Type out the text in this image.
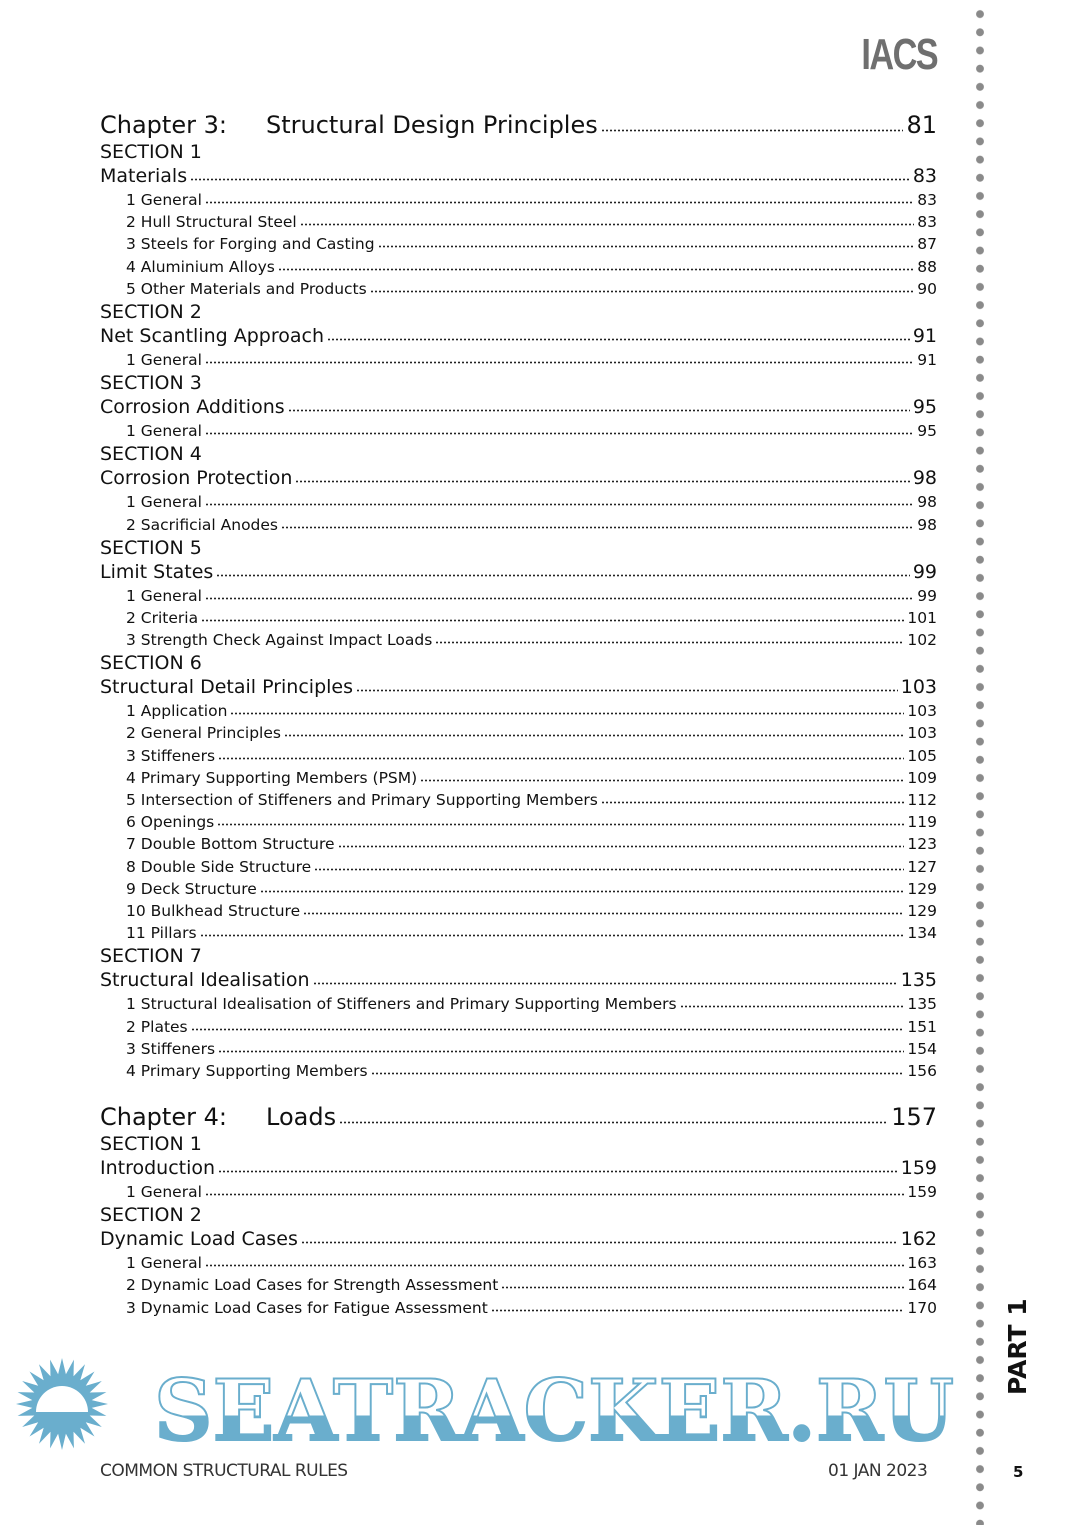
IACS
Chapter 3:	Structural Design Principles	81
SECTION 1
Materials	83
1 General	83
2 Hull Structural Steel	83
3 Steels for Forging and Casting	87
4 Aluminium Alloys	88
5 Other Materials and Products	90
SECTION 2
Net Scantling Approach	91
1 General	91
SECTION 3
Corrosion Additions	95
1 General	95
SECTION 4
Corrosion Protection	98
1 General	98
2 Sacrificial Anodes	98
SECTION 5
Limit States	99
1 General	99
2 Criteria	101
3 Strength Check Against Impact Loads	102
SECTION 6
Structural Detail Principles	103
1 Application	103
2 General Principles	103
3 Stiffeners	105
4 Primary Supporting Members (PSM)	109
5 Intersection of Stiffeners and Primary Supporting Members	112
6 Openings	119
7 Double Bottom Structure	123
8 Double Side Structure	127
9 Deck Structure	129
10 Bulkhead Structure	129
11 Pillars	134
SECTION 7
Structural Idealisation	135
1 Structural Idealisation of Stiffeners and Primary Supporting Members	135
2 Plates	151
3 Stiffeners	154
4 Primary Supporting Members	156
Chapter 4:	Loads	157
SECTION 1
Introduction	159
1 General	159
SECTION 2
Dynamic Load Cases	162
1 General	163
2 Dynamic Load Cases for Strength Assessment	164
3 Dynamic Load Cases for Fatigue Assessment	170	PART 1
SEATRACKER.RU
COMMON STRUCTURAL RULES	01 JAN 2023	5
